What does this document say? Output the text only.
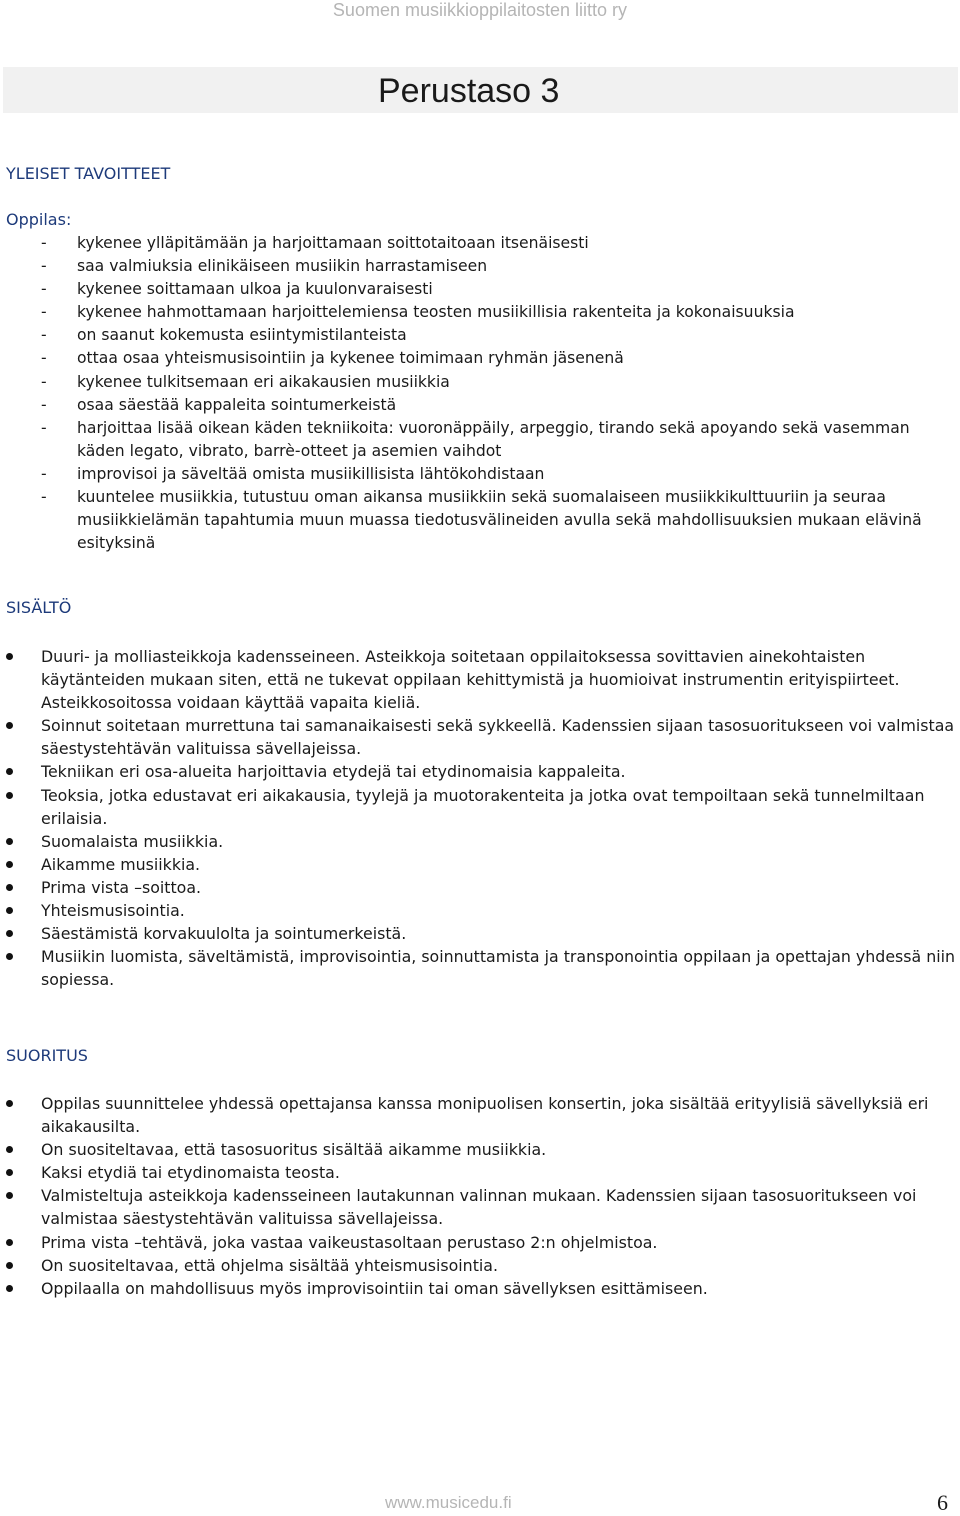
Suomen musiikkioppilaitosten liitto ry
Perustaso 3
YLEISET TAVOITTEET
Oppilas:
- kykenee ylläpitämään ja harjoittamaan soittotaitoaan itsenäisesti
- saa valmiuksia elinikäiseen musiikin harrastamiseen
- kykenee soittamaan ulkoa ja kuulonvaraisesti
- kykenee hahmottamaan harjoittelemiensa teosten musiikillisia rakenteita ja kokonaisuuksia
- on saanut kokemusta esiintymistilanteista
- ottaa osaa yhteismusisointiin ja kykenee toimimaan ryhmän jäsenenä
- kykenee tulkitsemaan eri aikakausien musiikkia
- osaa säestää kappaleita sointumerkeistä
- harjoittaa lisää oikean käden tekniikoita: vuoronäppäily, arpeggio, tirando sekä apoyando sekä vasemman käden legato, vibrato, barrè-otteet ja asemien vaihdot
- improvisoi ja säveltää omista musiikillisista lähtökohdistaan
- kuuntelee musiikkia, tutustuu oman aikansa musiikkiin sekä suomalaiseen musiikkikulttuuriin ja seuraa musiikkielämän tapahtumia muun muassa tiedotusvälineiden avulla sekä mahdollisuuksien mukaan elävinä esityksinä
SISÄLTÖ
Duuri- ja molliasteikkoja kadensseineen. Asteikkoja soitetaan oppilaitoksessa sovittavien ainekohtaisten käytänteiden mukaan siten, että ne tukevat oppilaan kehittymistä ja huomioivat instrumentin erityispiirteet. Asteikkosoitossa voidaan käyttää vapaita kieliä.
Soinnut soitetaan murrettuna tai samanaikaisesti sekä sykkeellä. Kadenssien sijaan tasosuoritukseen voi valmistaa säestystehtävän valituissa sävellajeissa.
Tekniikan eri osa-alueita harjoittavia etydejä tai etydinomaisia kappaleita.
Teoksia, jotka edustavat eri aikakausia, tyylejä ja muotorakenteita ja jotka ovat tempoiltaan sekä tunnelmiltaan erilaisia.
Suomalaista musiikkia.
Aikamme musiikkia.
Prima vista –soittoa.
Yhteismusisointia.
Säestämistä korvakuulolta ja sointumerkeistä.
Musiikin luomista, säveltämistä, improvisointia, soinnuttamista ja transponointia oppilaan ja opettajan yhdessä niin sopiessa.
SUORITUS
Oppilas suunnittelee yhdessä opettajansa kanssa monipuolisen konsertin, joka sisältää erityylisiä sävellyksiä eri aikakausilta.
On suositeltavaa, että tasosuoritus sisältää aikamme musiikkia.
Kaksi etydiä tai etydinomaista teosta.
Valmisteltuja asteikkoja kadensseineen lautakunnan valinnan mukaan. Kadenssien sijaan tasosuoritukseen voi valmistaa säestystehtävän valituissa sävellajeissa.
Prima vista –tehtävä, joka vastaa vaikeustasoltaan perustaso 2:n ohjelmistoa.
On suositeltavaa, että ohjelma sisältää yhteismusisointia.
Oppilaalla on mahdollisuus myös improvisointiin tai oman sävellyksen esittämiseen.
www.musicedu.fi	6
